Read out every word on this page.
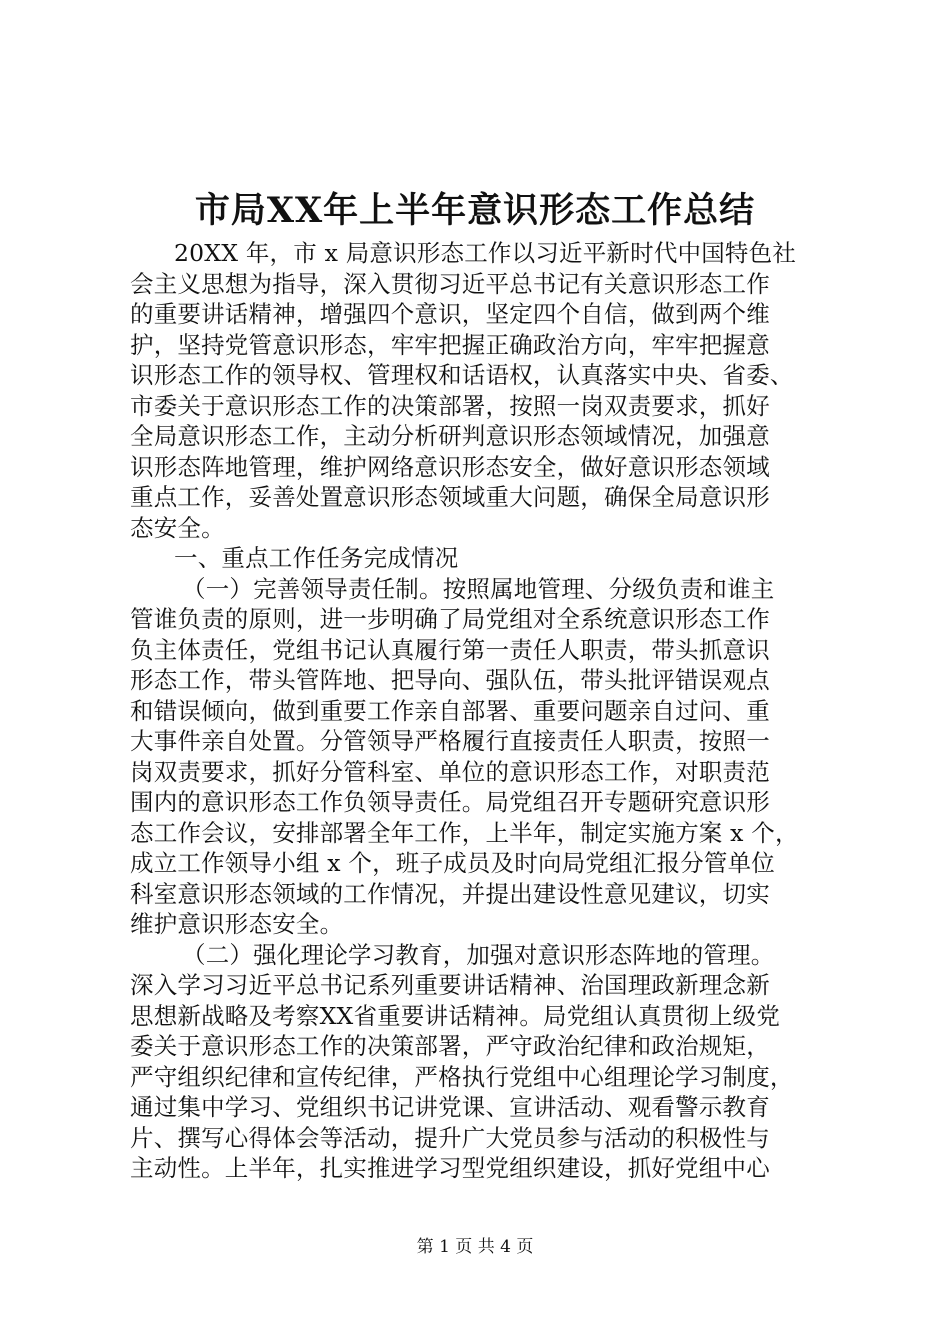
市局XX年上半年意识形态工作总结
20XX 年，市 x 局意识形态工作以习近平新时代中国特色社
会主义思想为指导，深入贯彻习近平总书记有关意识形态工作
的重要讲话精神，增强四个意识，坚定四个自信，做到两个维
护，坚持党管意识形态，牢牢把握正确政治方向，牢牢把握意
识形态工作的领导权、管理权和话语权，认真落实中央、省委、
市委关于意识形态工作的决策部署，按照一岗双责要求，抓好
全局意识形态工作，主动分析研判意识形态领域情况，加强意
识形态阵地管理，维护网络意识形态安全，做好意识形态领域
重点工作，妥善处置意识形态领域重大问题，确保全局意识形
态安全。
一、重点工作任务完成情况
（一）完善领导责任制。按照属地管理、分级负责和谁主
管谁负责的原则，进一步明确了局党组对全系统意识形态工作
负主体责任，党组书记认真履行第一责任人职责，带头抓意识
形态工作，带头管阵地、把导向、强队伍，带头批评错误观点
和错误倾向，做到重要工作亲自部署、重要问题亲自过问、重
大事件亲自处置。分管领导严格履行直接责任人职责，按照一
岗双责要求，抓好分管科室、单位的意识形态工作，对职责范
围内的意识形态工作负领导责任。局党组召开专题研究意识形
态工作会议，安排部署全年工作，上半年，制定实施方案 x 个，
成立工作领导小组 x 个，班子成员及时向局党组汇报分管单位
科室意识形态领域的工作情况，并提出建设性意见建议，切实
维护意识形态安全。
（二）强化理论学习教育，加强对意识形态阵地的管理。
深入学习习近平总书记系列重要讲话精神、治国理政新理念新
思想新战略及考察XX省重要讲话精神。局党组认真贯彻上级党
委关于意识形态工作的决策部署，严守政治纪律和政治规矩，
严守组织纪律和宣传纪律，严格执行党组中心组理论学习制度，
通过集中学习、党组织书记讲党课、宣讲活动、观看警示教育
片、撰写心得体会等活动，提升广大党员参与活动的积极性与
主动性。上半年，扎实推进学习型党组织建设，抓好党组中心
第 1 页 共 4 页
